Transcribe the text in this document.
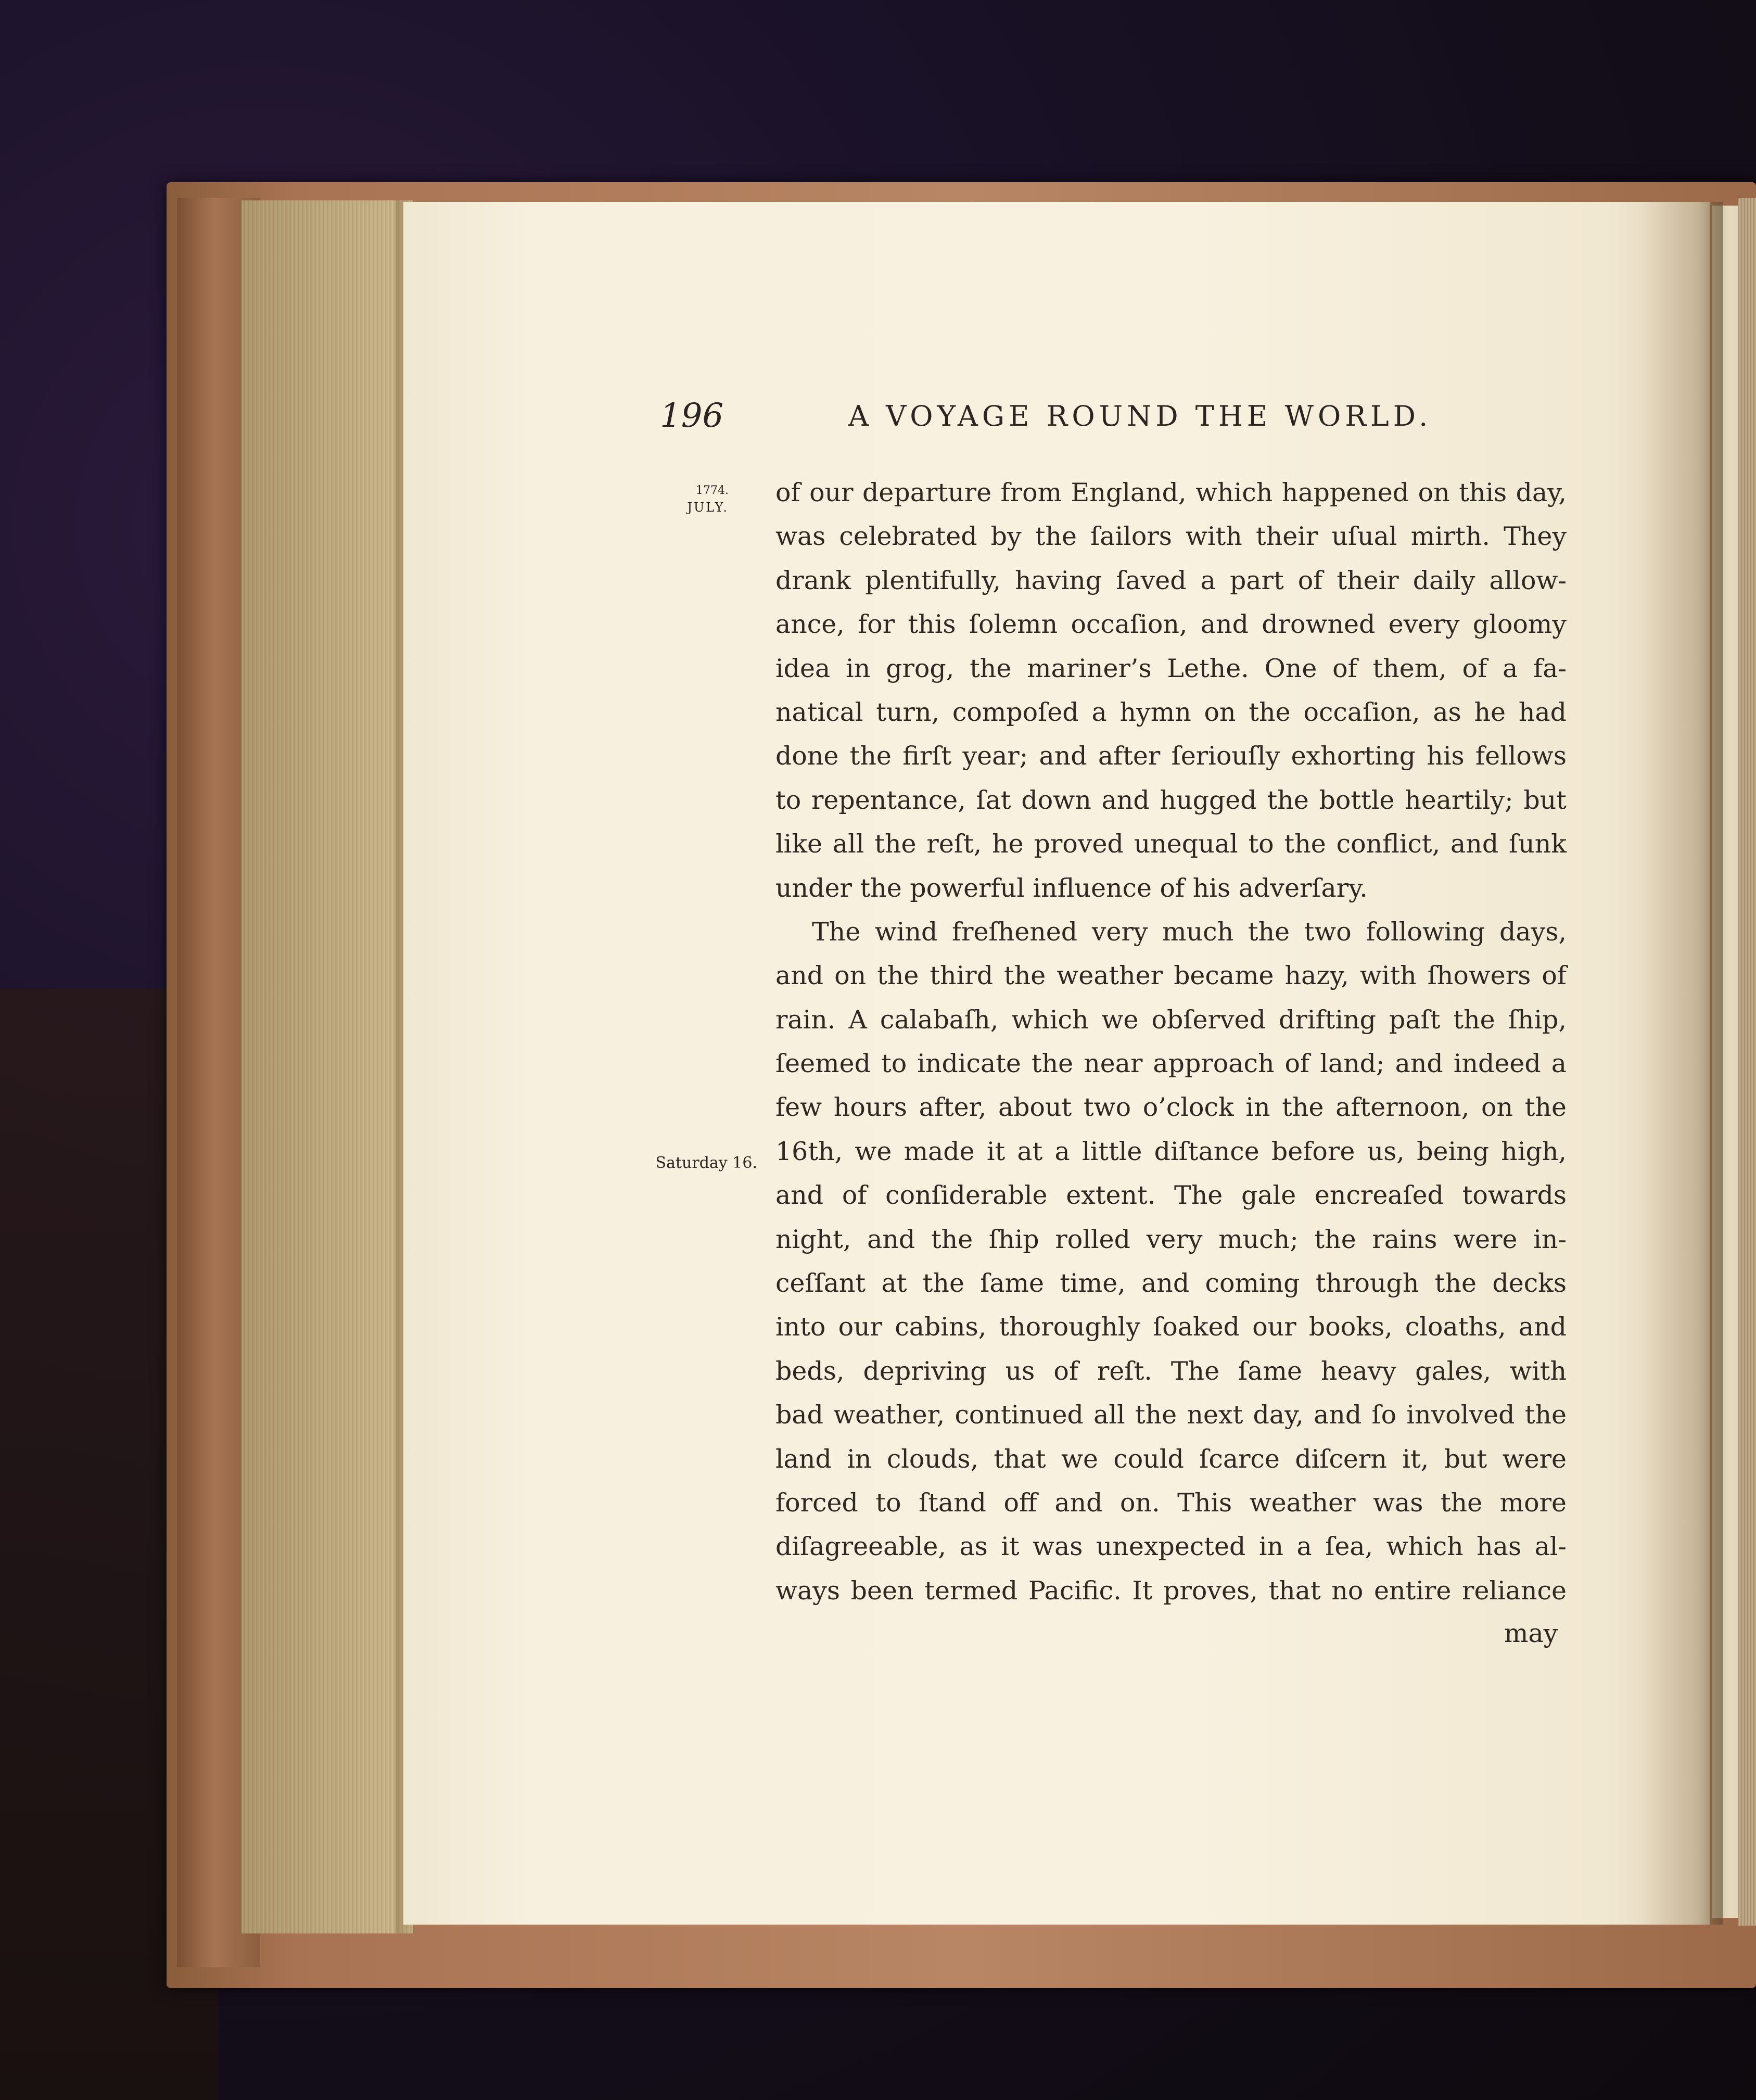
196	A VOYAGE ROUND THE WORLD.
1774.
JULY.
Saturday 16.
of our departure from England, which happened on this day,
was celebrated by the ſailors with their uſual mirth. They
drank plentifully, having ſaved a part of their daily allow-
ance, for this ſolemn occaſion, and drowned every gloomy
idea in grog, the mariner’s Lethe. One of them, of a fa-
natical turn, compoſed a hymn on the occaſion, as he had
done the firſt year; and after ſeriouſly exhorting his fellows
to repentance, ſat down and hugged the bottle heartily; but
like all the reſt, he proved unequal to the conflict, and ſunk
under the powerful influence of his adverſary.
The wind freſhened very much the two following days,
and on the third the weather became hazy, with ſhowers of
rain. A calabaſh, which we obſerved drifting paſt the ſhip,
ſeemed to indicate the near approach of land; and indeed a
few hours after, about two o’clock in the afternoon, on the
16th, we made it at a little diſtance before us, being high,
and of conſiderable extent. The gale encreaſed towards
night, and the ſhip rolled very much; the rains were in-
ceſſant at the ſame time, and coming through the decks
into our cabins, thoroughly ſoaked our books, cloaths, and
beds, depriving us of reſt. The ſame heavy gales, with
bad weather, continued all the next day, and ſo involved the
land in clouds, that we could ſcarce diſcern it, but were
forced to ſtand off and on. This weather was the more
diſagreeable, as it was unexpected in a ſea, which has al-
ways been termed Pacific. It proves, that no entire reliance
may
